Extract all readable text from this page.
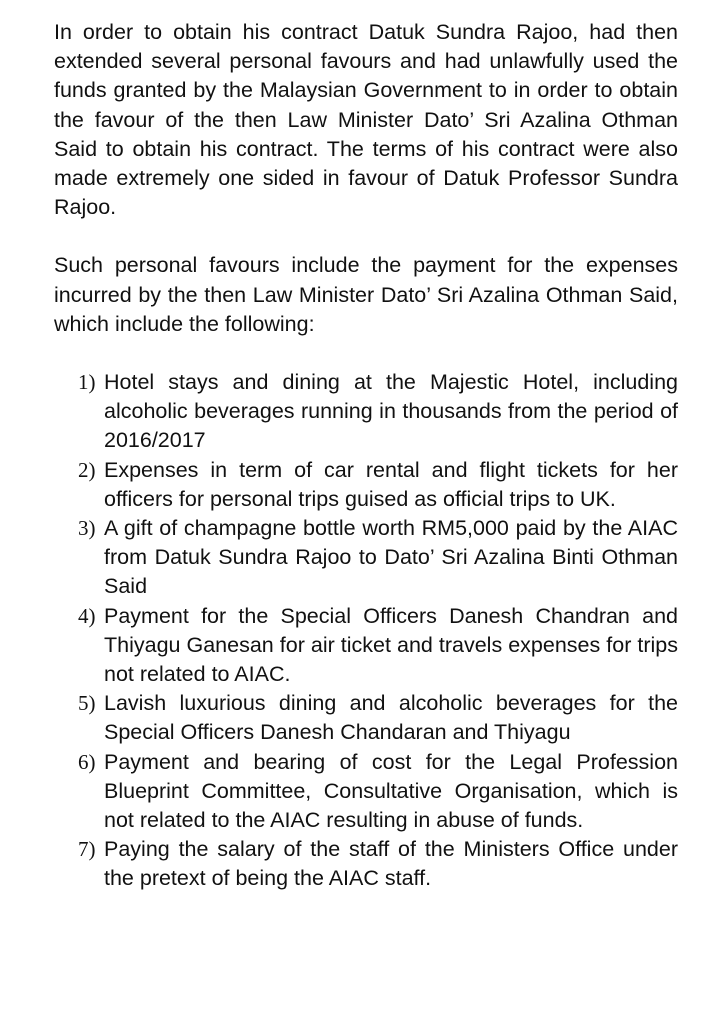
In order to obtain his contract Datuk Sundra Rajoo, had then extended several personal favours and had unlawfully used the funds granted by the Malaysian Government to in order to obtain the favour of the then Law Minister Dato’ Sri Azalina Othman Said to obtain his contract. The terms of his contract were also made extremely one sided in favour of Datuk Professor Sundra Rajoo.

Such personal favours include the payment for the expenses incurred by the then Law Minister Dato’ Sri Azalina Othman Said, which include the following:

1) Hotel stays and dining at the Majestic Hotel, including alcoholic beverages running in thousands from the period of 2016/2017
2) Expenses in term of car rental and flight tickets for her officers for personal trips guised as official trips to UK.
3) A gift of champagne bottle worth RM5,000 paid by the AIAC from Datuk Sundra Rajoo to Dato’ Sri Azalina Binti Othman Said
4) Payment for the Special Officers Danesh Chandran and Thiyagu Ganesan for air ticket and travels expenses for trips not related to AIAC.
5) Lavish luxurious dining and alcoholic beverages for the Special Officers Danesh Chandaran and Thiyagu
6) Payment and bearing of cost for the Legal Profession Blueprint Committee, Consultative Organisation, which is not related to the AIAC resulting in abuse of funds.
7) Paying the salary of the staff of the Ministers Office under the pretext of being the AIAC staff.
